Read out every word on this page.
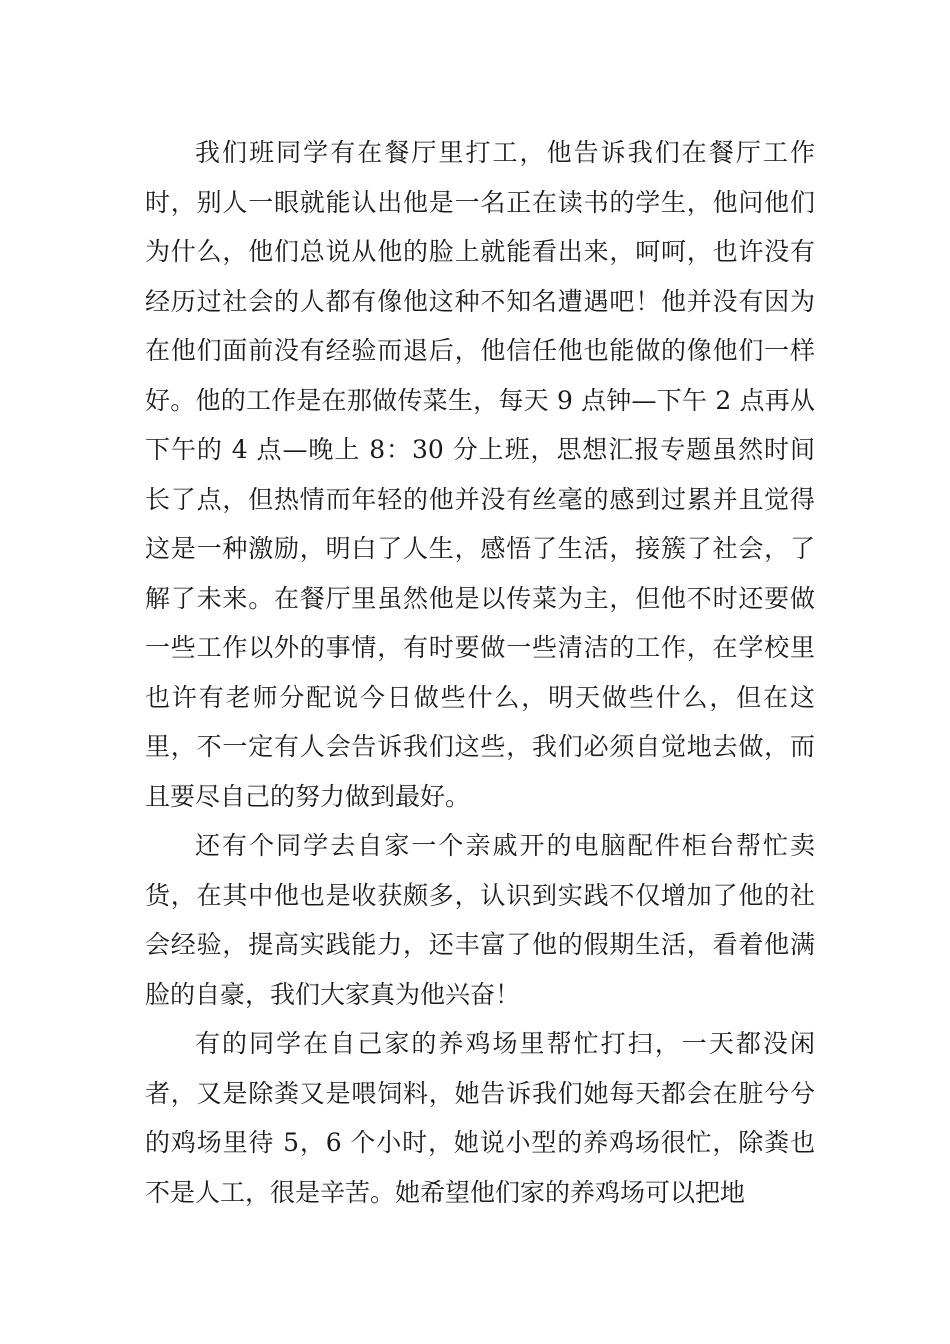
我们班同学有在餐厅里打工，他告诉我们在餐厅工作时，别人一眼就能认出他是一名正在读书的学生，他问他们为什么，他们总说从他的脸上就能看出来，呵呵，也许没有经历过社会的人都有像他这种不知名遭遇吧！他并没有因为在他们面前没有经验而退后，他信任他也能做的像他们一样好。他的工作是在那做传菜生，每天 9 点钟—下午 2 点再从下午的 4 点—晚上 8：30 分上班，思想汇报专题虽然时间长了点，但热情而年轻的他并没有丝毫的感到过累并且觉得这是一种激励，明白了人生，感悟了生活，接簇了社会，了解了未来。在餐厅里虽然他是以传菜为主，但他不时还要做一些工作以外的事情，有时要做一些清洁的工作，在学校里也许有老师分配说今日做些什么，明天做些什么，但在这里，不一定有人会告诉我们这些，我们必须自觉地去做，而且要尽自己的努力做到最好。

还有个同学去自家一个亲戚开的电脑配件柜台帮忙卖货，在其中他也是收获颇多，认识到实践不仅增加了他的社会经验，提高实践能力，还丰富了他的假期生活，看着他满脸的自豪，我们大家真为他兴奋！

有的同学在自己家的养鸡场里帮忙打扫，一天都没闲者，又是除粪又是喂饲料，她告诉我们她每天都会在脏兮兮的鸡场里待 5，6 个小时，她说小型的养鸡场很忙，除粪也不是人工，很是辛苦。她希望他们家的养鸡场可以把地
